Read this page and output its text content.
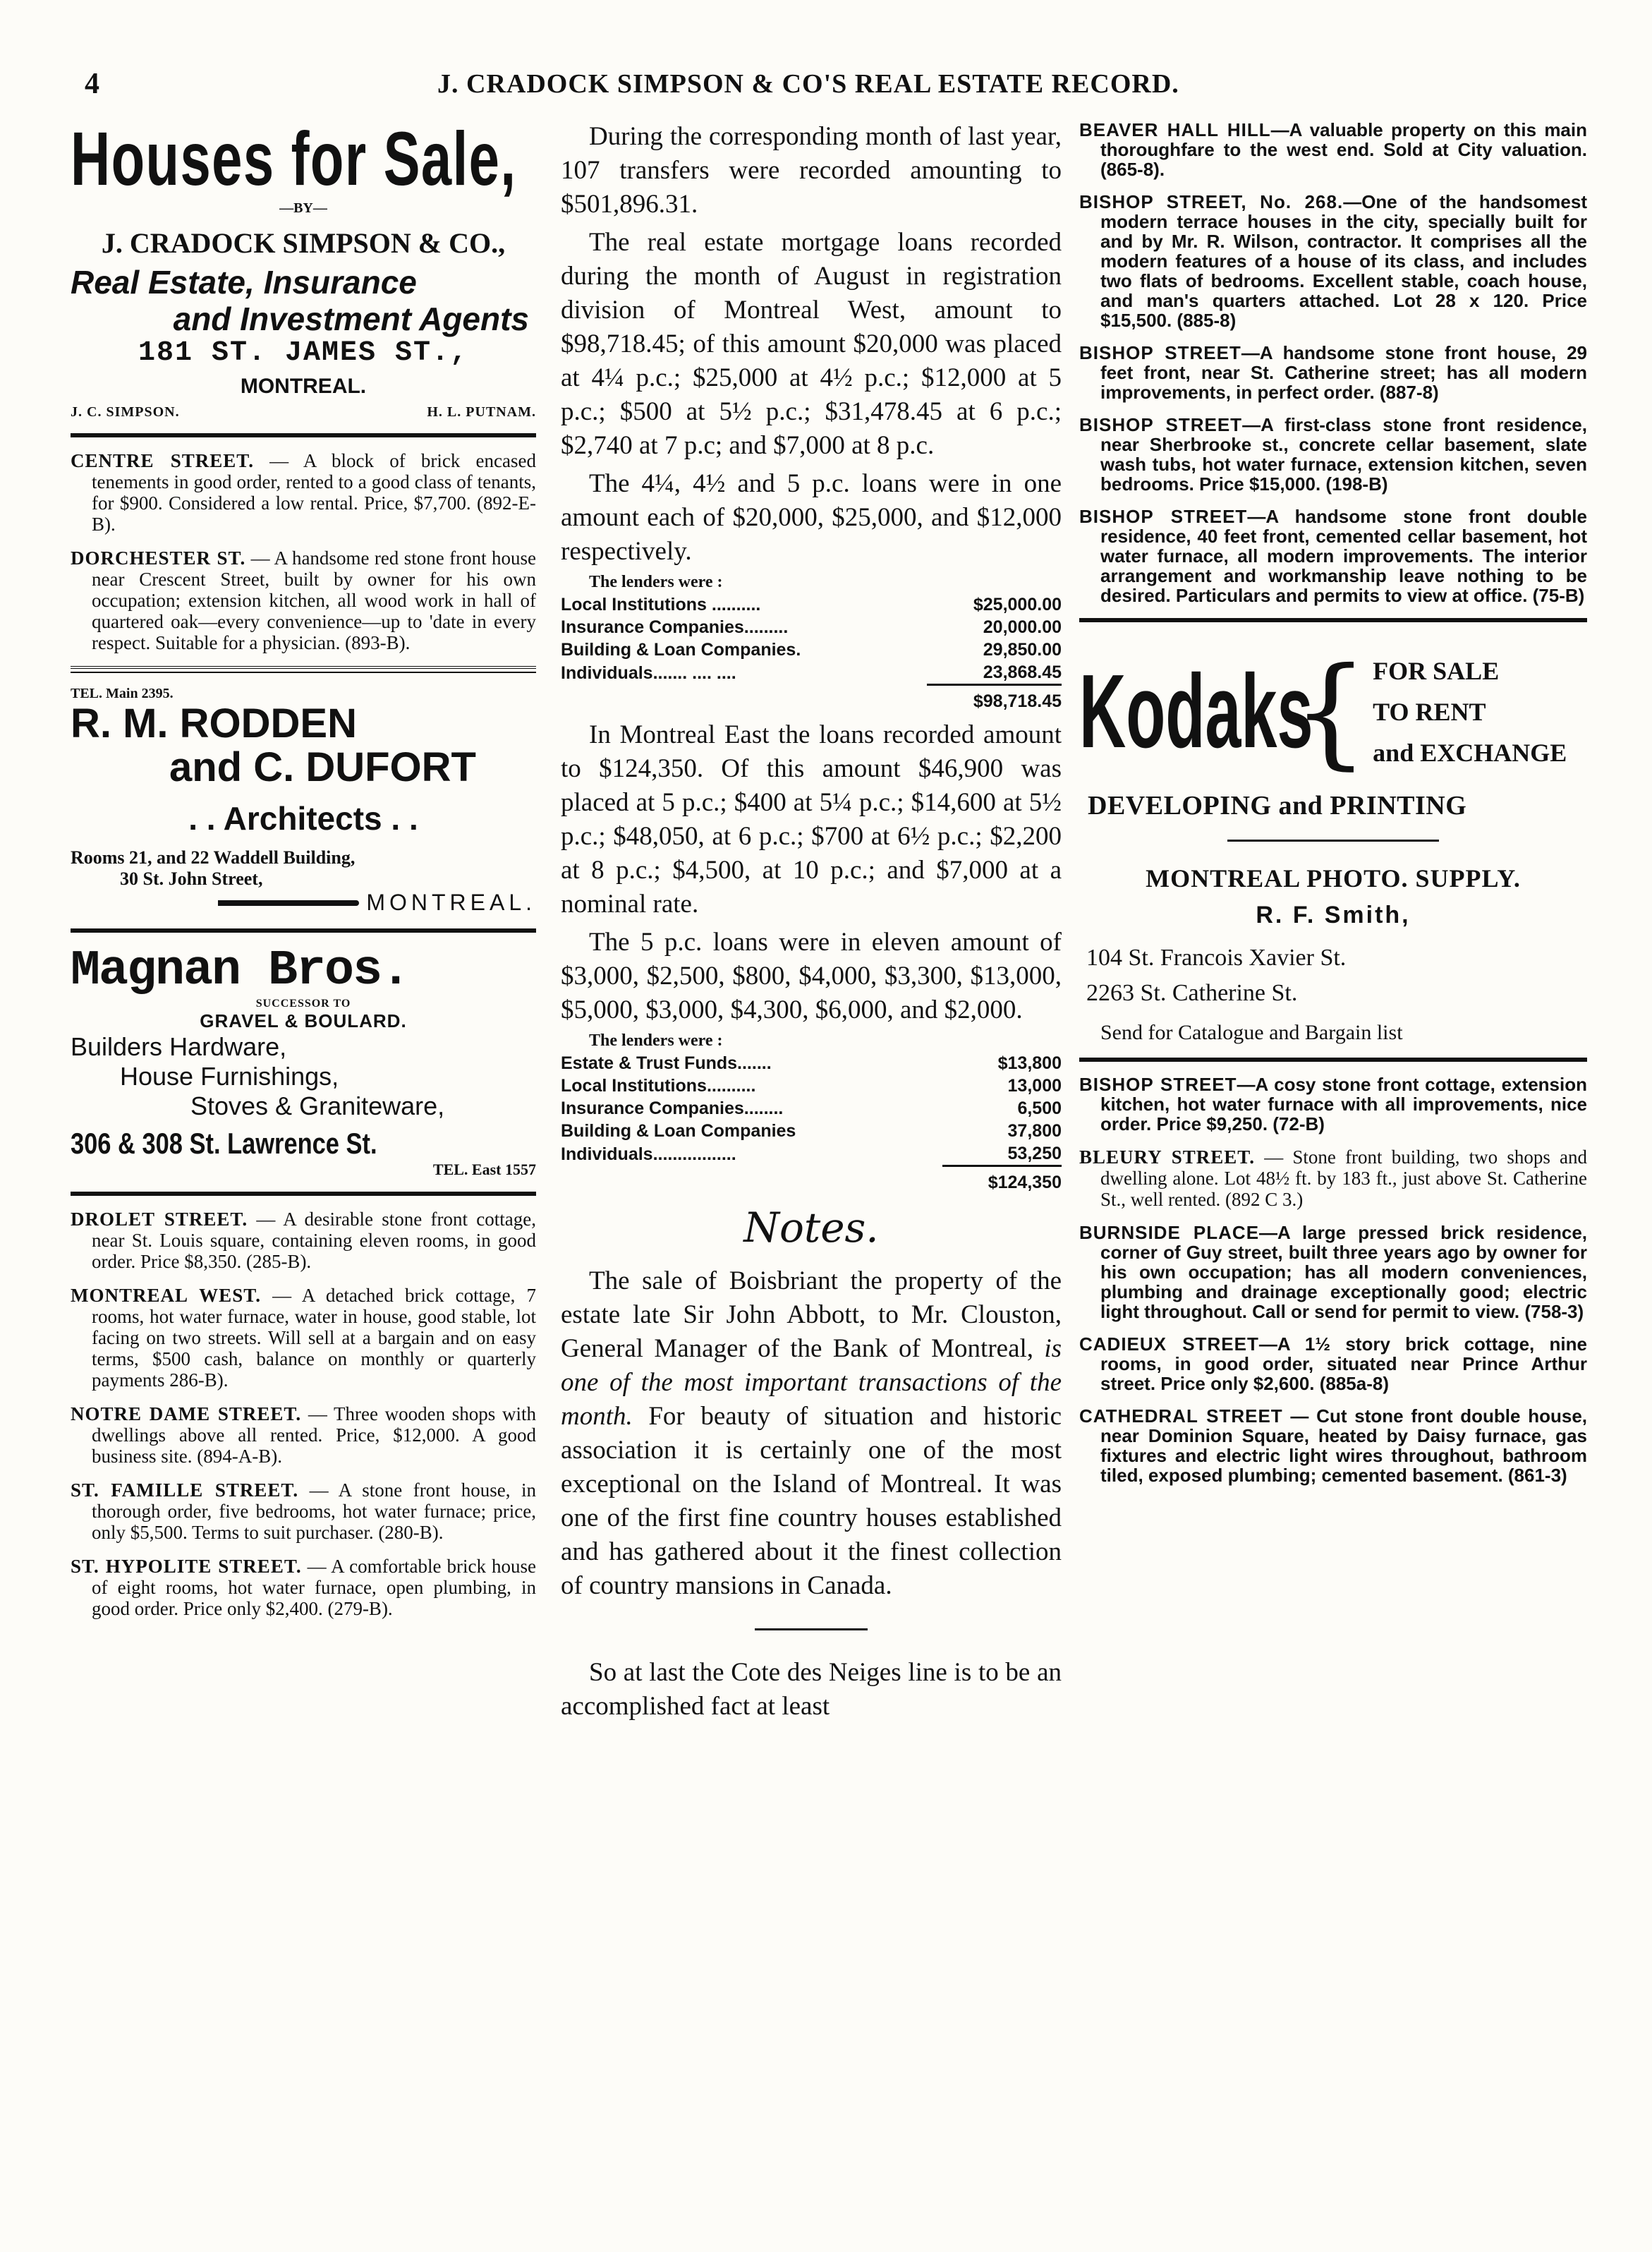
4	J. CRADOCK SIMPSON & CO'S REAL ESTATE RECORD.
Houses for Sale,
—BY—
J. CRADOCK SIMPSON & CO.,
Real Estate, Insurance
and Investment Agents
181 ST. JAMES ST.,
MONTREAL.
J. C. SIMPSON.	H. L. PUTNAM.

CENTRE STREET. — A block of brick encased tenements in good order, rented to a good class of tenants, for $900. Considered a low rental. Price, $7,700. (892-E-B).

DORCHESTER ST. — A handsome red stone front house near Crescent Street, built by owner for his own occupation; extension kitchen, all wood work in hall of quartered oak—every convenience—up to 'date in every respect. Suitable for a physician. (893-B).

TEL. Main 2395.
R. M. RODDEN
and C. DUFORT
. . Architects . .
Rooms 21, and 22 Waddell Building,
30 St. John Street,
MONTREAL.
Magnan Bros.
SUCCESSOR TO
GRAVEL & BOULARD.
Builders Hardware,
House Furnishings,
Stoves & Graniteware,
306 & 308 St. Lawrence St.
TEL. East 1557

DROLET STREET. — A desirable stone front cottage, near St. Louis square, containing eleven rooms, in good order. Price $8,350. (285-B).

MONTREAL WEST. — A detached brick cottage, 7 rooms, hot water furnace, water in house, good stable, lot facing on two streets. Will sell at a bargain and on easy terms, $500 cash, balance on monthly or quarterly payments 286-B).

NOTRE DAME STREET. — Three wooden shops with dwellings above all rented. Price, $12,000. A good business site. (894-A-B).

ST. FAMILLE STREET. — A stone front house, in thorough order, five bedrooms, hot water furnace; price, only $5,500. Terms to suit purchaser. (280-B).

ST. HYPOLITE STREET. — A comfortable brick house of eight rooms, hot water furnace, open plumbing, in good order. Price only $2,400. (279-B).

During the corresponding month of last year, 107 transfers were recorded amounting to $501,896.31.

The real estate mortgage loans recorded during the month of August in registration division of Montreal West, amount to $98,718.45; of this amount $20,000 was placed at 4¼ p.c.; $25,000 at 4½ p.c.; $12,000 at 5 p.c.; $500 at 5½ p.c.; $31,478.45 at 6 p.c.; $2,740 at 7 p.c; and $7,000 at 8 p.c.

The 4¼, 4½ and 5 p.c. loans were in one amount each of $20,000, $25,000, and $12,000 respectively.

The lenders were :
Local Institutions ..........	$25,000.00
Insurance Companies.........	20,000.00
Building & Loan Companies.	29,850.00
Individuals....... .... ....	23,868.45
	$98,718.45

In Montreal East the loans recorded amount to $124,350. Of this amount $46,900 was placed at 5 p.c.; $400 at 5¼ p.c.; $14,600 at 5½ p.c.; $48,050, at 6 p.c.; $700 at 6½ p.c.; $2,200 at 8 p.c.; $4,500, at 10 p.c.; and $7,000 at a nominal rate.

The 5 p.c. loans were in eleven amount of $3,000, $2,500, $800, $4,000, $3,300, $13,000, $5,000, $3,000, $4,300, $6,000, and $2,000.

The lenders were :
Estate & Trust Funds.......	$13,800
Local Institutions..........	13,000
Insurance Companies........	6,500
Building & Loan Companies	37,800
Individuals.................	53,250
	$124,350
Notes.

The sale of Boisbriant the property of the estate late Sir John Abbott, to Mr. Clouston, General Manager of the Bank of Montreal, is one of the most important transactions of the month. For beauty of situation and historic association it is certainly one of the most exceptional on the Island of Montreal. It was one of the first fine country houses established and has gathered about it the finest collection of country mansions in Canada.

So at last the Cote des Neiges line is to be an accomplished fact at least

BEAVER HALL HILL—A valuable property on this main thoroughfare to the west end. Sold at City valuation. (865-8).

BISHOP STREET, No. 268.—One of the handsomest modern terrace houses in the city, specially built for and by Mr. R. Wilson, contractor. It comprises all the modern features of a house of its class, and includes two flats of bedrooms. Excellent stable, coach house, and man's quarters attached. Lot 28 x 120. Price $15,500. (885-8)

BISHOP STREET—A handsome stone front house, 29 feet front, near St. Catherine street; has all modern improvements, in perfect order. (887-8)

BISHOP STREET—A first-class stone front residence, near Sherbrooke st., concrete cellar basement, slate wash tubs, hot water furnace, extension kitchen, seven bedrooms. Price $15,000. (198-B)

BISHOP STREET—A handsome stone front double residence, 40 feet front, cemented cellar basement, hot water furnace, all modern improvements. The interior arrangement and workmanship leave nothing to be desired. Particulars and permits to view at office. (75-B)

Kodaks
{ FOR SALE
TO RENT
and EXCHANGE
DEVELOPING and PRINTING
MONTREAL PHOTO. SUPPLY.
R. F. Smith,
104 St. Francois Xavier St.
2263 St. Catherine St.
Send for Catalogue and Bargain list

BISHOP STREET—A cosy stone front cottage, extension kitchen, hot water furnace with all improvements, nice order. Price $9,250. (72-B)

BLEURY STREET. — Stone front building, two shops and dwelling alone. Lot 48½ ft. by 183 ft., just above St. Catherine St., well rented. (892 C 3.)

BURNSIDE PLACE—A large pressed brick residence, corner of Guy street, built three years ago by owner for his own occupation; has all modern conveniences, plumbing and drainage exceptionally good; electric light throughout. Call or send for permit to view. (758-3)

CADIEUX STREET—A 1½ story brick cottage, nine rooms, in good order, situated near Prince Arthur street. Price only $2,600. (885a-8)

CATHEDRAL STREET — Cut stone front double house, near Dominion Square, heated by Daisy furnace, gas fixtures and electric light wires throughout, bathroom tiled, exposed plumbing; cemented basement. (861-3)
